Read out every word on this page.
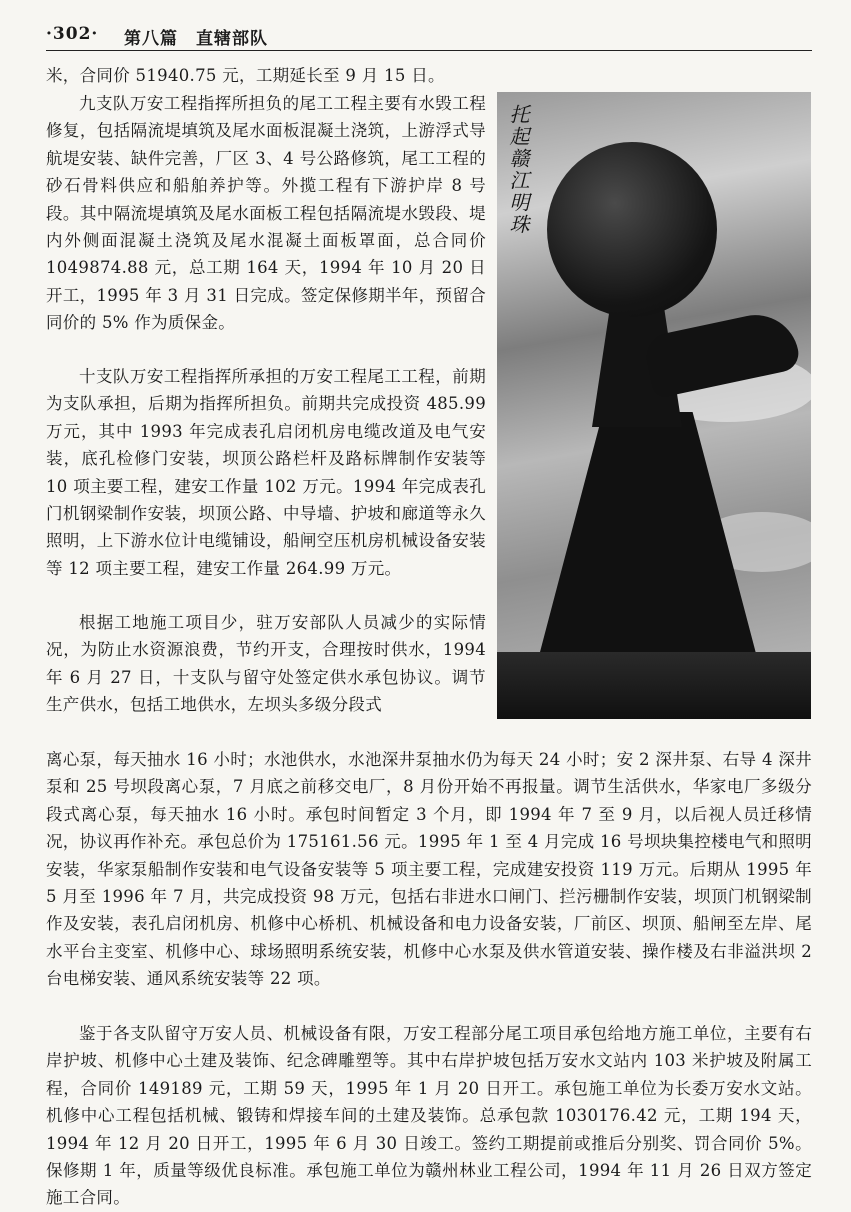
·302· 第八篇　直辖部队

米，合同价 51940.75 元，工期延长至 9 月 15 日。

九支队万安工程指挥所担负的尾工工程主要有水毁工程修复，包括隔流堤填筑及尾水面板混凝土浇筑，上游浮式导航堤安装、缺件完善，厂区 3、4 号公路修筑，尾工工程的砂石骨料供应和船舶养护等。外揽工程有下游护岸 8 号段。其中隔流堤填筑及尾水面板工程包括隔流堤水毁段、堤内外侧面混凝土浇筑及尾水混凝土面板罩面，总合同价 1049874.88 元，总工期 164 天，1994 年 10 月 20 日开工，1995 年 3 月 31 日完成。签定保修期半年，预留合同价的 5% 作为质保金。

十支队万安工程指挥所承担的万安工程尾工工程，前期为支队承担，后期为指挥所担负。前期共完成投资 485.99 万元，其中 1993 年完成表孔启闭机房电缆改道及电气安装，底孔检修门安装，坝顶公路栏杆及路标牌制作安装等 10 项主要工程，建安工作量 102 万元。1994 年完成表孔门机钢梁制作安装，坝顶公路、中导墙、护坡和廊道等永久照明，上下游水位计电缆铺设，船闸空压机房机械设备安装等 12 项主要工程，建安工作量 264.99 万元。

根据工地施工项目少，驻万安部队人员减少的实际情况，为防止水资源浪费，节约开支，合理按时供水，1994 年 6 月 27 日，十支队与留守处签定供水承包协议。调节生产供水，包括工地供水，左坝头多级分段式

离心泵，每天抽水 16 小时；水池供水，水池深井泵抽水仍为每天 24 小时；安 2 深井泵、右导 4 深井泵和 25 号坝段离心泵，7 月底之前移交电厂，8 月份开始不再报量。调节生活供水，华家电厂多级分段式离心泵，每天抽水 16 小时。承包时间暂定 3 个月，即 1994 年 7 至 9 月，以后视人员迁移情况，协议再作补充。承包总价为 175161.56 元。1995 年 1 至 4 月完成 16 号坝块集控楼电气和照明安装，华家泵船制作安装和电气设备安装等 5 项主要工程，完成建安投资 119 万元。后期从 1995 年 5 月至 1996 年 7 月，共完成投资 98 万元，包括右非进水口闸门、拦污栅制作安装，坝顶门机钢梁制作及安装，表孔启闭机房、机修中心桥机、机械设备和电力设备安装，厂前区、坝顶、船闸至左岸、尾水平台主变室、机修中心、球场照明系统安装，机修中心水泵及供水管道安装、操作楼及右非溢洪坝 2 台电梯安装、通风系统安装等 22 项。

鉴于各支队留守万安人员、机械设备有限，万安工程部分尾工项目承包给地方施工单位，主要有右岸护坡、机修中心土建及装饰、纪念碑雕塑等。其中右岸护坡包括万安水文站内 103 米护坡及附属工程，合同价 149189 元，工期 59 天，1995 年 1 月 20 日开工。承包施工单位为长委万安水文站。机修中心工程包括机械、锻铸和焊接车间的土建及装饰。总承包款 1030176.42 元，工期 194 天，1994 年 12 月 20 日开工，1995 年 6 月 30 日竣工。签约工期提前或推后分别奖、罚合同价 5%。保修期 1 年，质量等级优良标准。承包施工单位为赣州林业工程公司，1994 年 11 月 26 日双方签定施工合同。

托起赣江明珠
